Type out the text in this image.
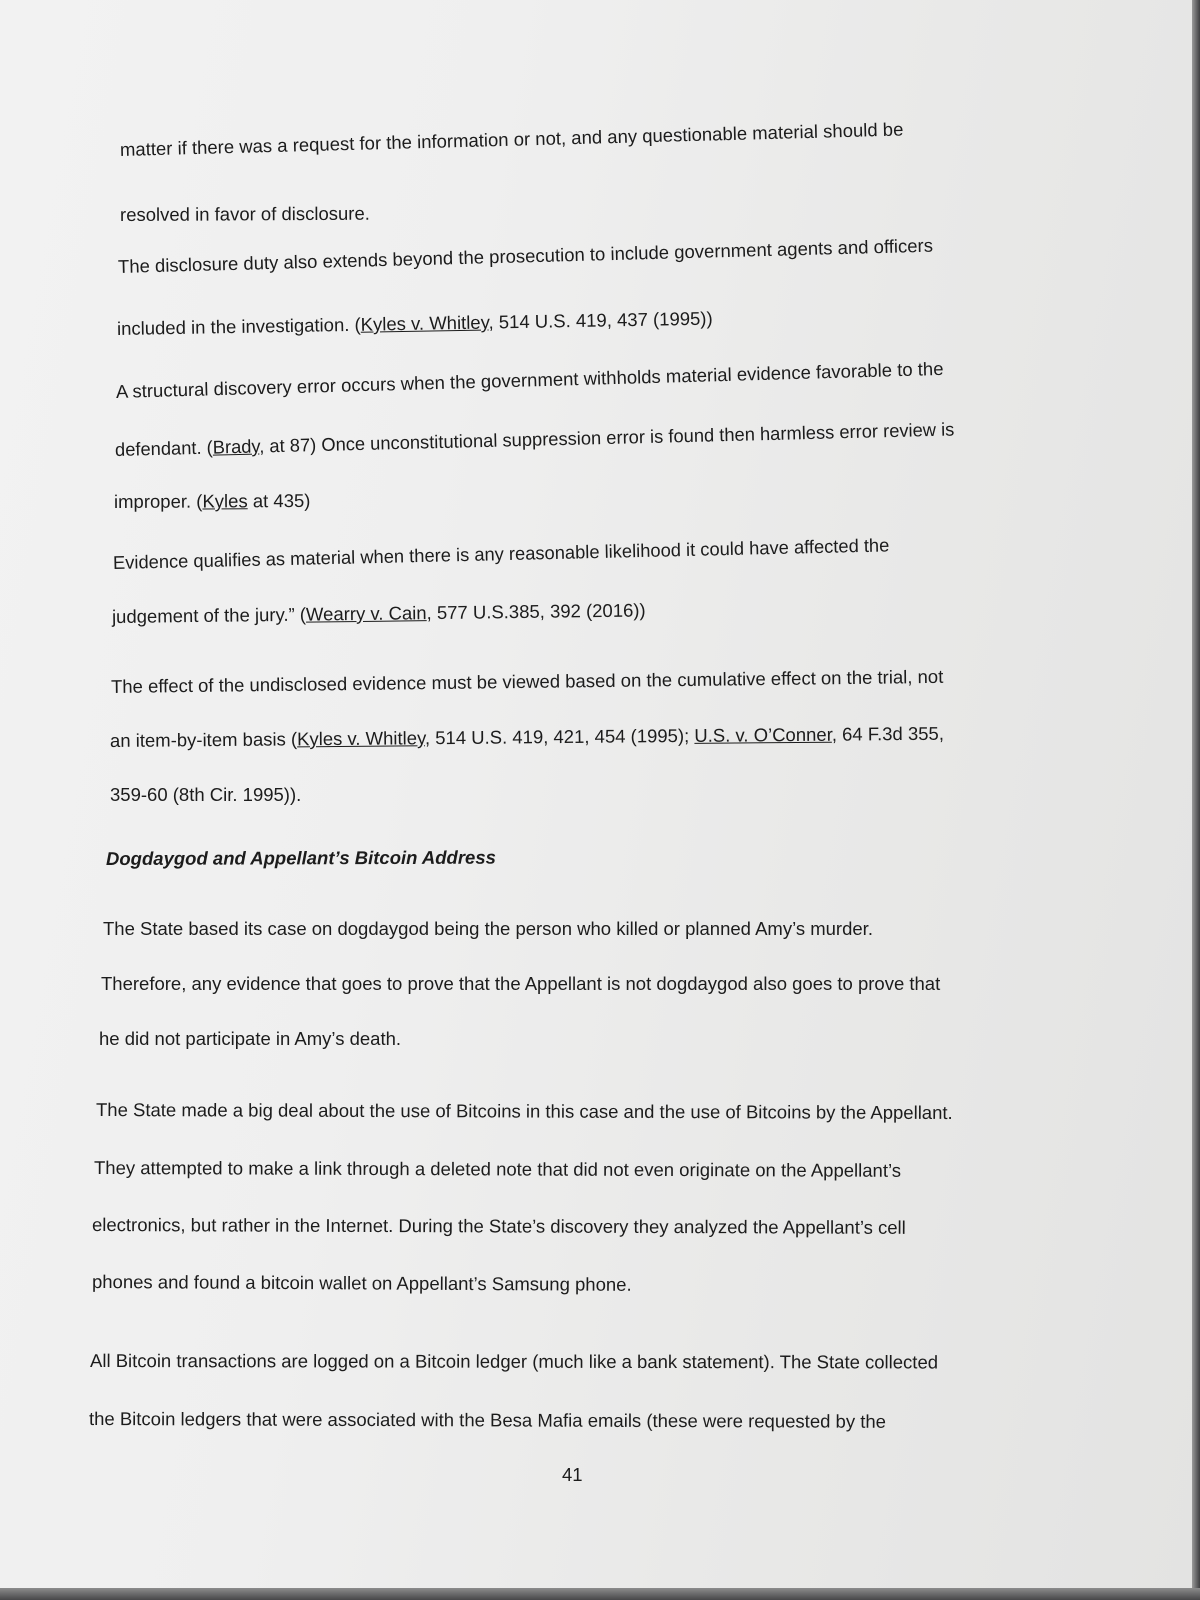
matter if there was a request for the information or not, and any questionable material should be
resolved in favor of disclosure.
The disclosure duty also extends beyond the prosecution to include government agents and officers
included in the investigation. (Kyles v. Whitley, 514 U.S. 419, 437 (1995))
A structural discovery error occurs when the government withholds material evidence favorable to the
defendant. (Brady, at 87) Once unconstitutional suppression error is found then harmless error review is
improper. (Kyles at 435)
Evidence qualifies as material when there is any reasonable likelihood it could have affected the
judgement of the jury.” (Wearry v. Cain, 577 U.S.385, 392 (2016))
The effect of the undisclosed evidence must be viewed based on the cumulative effect on the trial, not
an item-by-item basis (Kyles v. Whitley, 514 U.S. 419, 421, 454 (1995); U.S. v. O’Conner, 64 F.3d 355,
359-60 (8th Cir. 1995)).
Dogdaygod and Appellant’s Bitcoin Address
The State based its case on dogdaygod being the person who killed or planned Amy’s murder.
Therefore, any evidence that goes to prove that the Appellant is not dogdaygod also goes to prove that
he did not participate in Amy’s death.
The State made a big deal about the use of Bitcoins in this case and the use of Bitcoins by the Appellant.
They attempted to make a link through a deleted note that did not even originate on the Appellant’s
electronics, but rather in the Internet. During the State’s discovery they analyzed the Appellant’s cell
phones and found a bitcoin wallet on Appellant’s Samsung phone.
All Bitcoin transactions are logged on a Bitcoin ledger (much like a bank statement). The State collected
the Bitcoin ledgers that were associated with the Besa Mafia emails (these were requested by the
41
